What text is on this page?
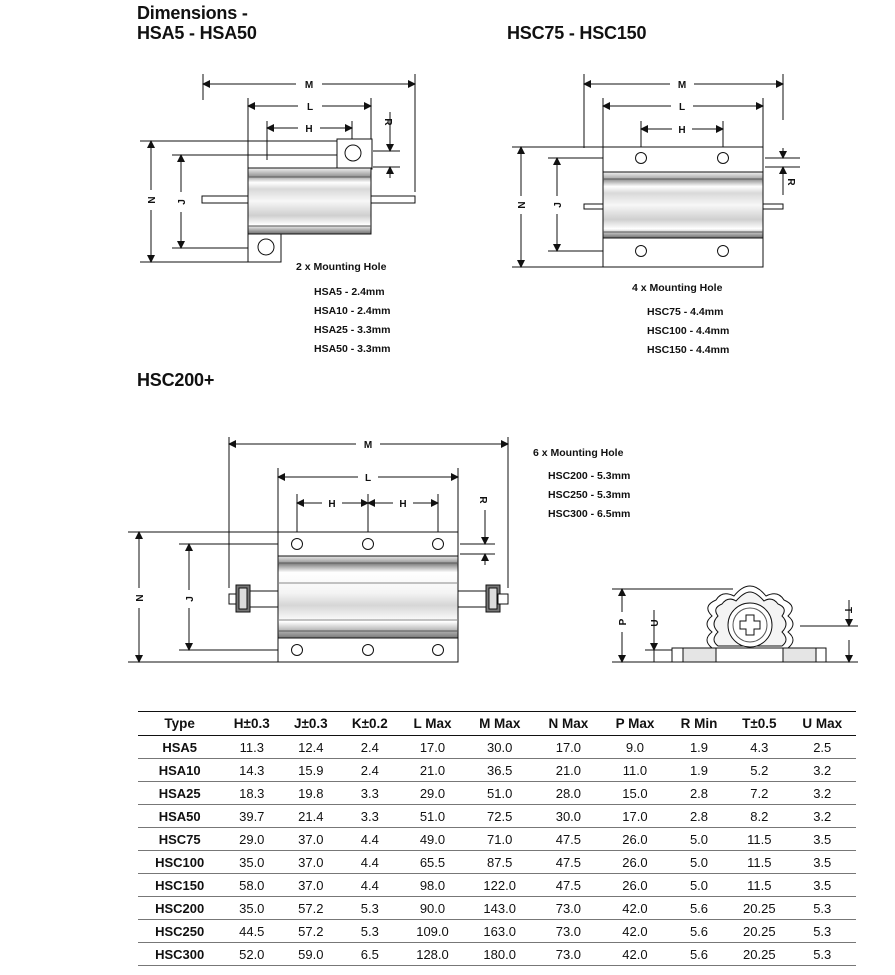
Dimensions -
HSA5 - HSA50	HSC75 - HSC150
HSC200+
M
L
H
N J
R
M
L
H
N	J
R
M
L
H	H
N	J
R
P U
T
2 x Mounting Hole
HSA5 - 2.4mm
HSA10 - 2.4mm
HSA25 - 3.3mm
HSA50 - 3.3mm
4 x Mounting Hole
HSC75 - 4.4mm
HSC100 - 4.4mm
HSC150 - 4.4mm
6 x Mounting Hole
HSC200 - 5.3mm
HSC250 - 5.3mm
HSC300 - 6.5mm
Type	H±0.3	J±0.3	K±0.2	L Max	M Max	N Max	P Max	R Min	T±0.5	U Max
HSA5	11.3	12.4	2.4	17.0	30.0	17.0	9.0	1.9	4.3	2.5
HSA10	14.3	15.9	2.4	21.0	36.5	21.0	11.0	1.9	5.2	3.2
HSA25	18.3	19.8	3.3	29.0	51.0	28.0	15.0	2.8	7.2	3.2
HSA50	39.7	21.4	3.3	51.0	72.5	30.0	17.0	2.8	8.2	3.2
HSC75	29.0	37.0	4.4	49.0	71.0	47.5	26.0	5.0	11.5	3.5
HSC100	35.0	37.0	4.4	65.5	87.5	47.5	26.0	5.0	11.5	3.5
HSC150	58.0	37.0	4.4	98.0	122.0	47.5	26.0	5.0	11.5	3.5
HSC200	35.0	57.2	5.3	90.0	143.0	73.0	42.0	5.6	20.25	5.3
HSC250	44.5	57.2	5.3	109.0	163.0	73.0	42.0	5.6	20.25	5.3
HSC300	52.0	59.0	6.5	128.0	180.0	73.0	42.0	5.6	20.25	5.3
